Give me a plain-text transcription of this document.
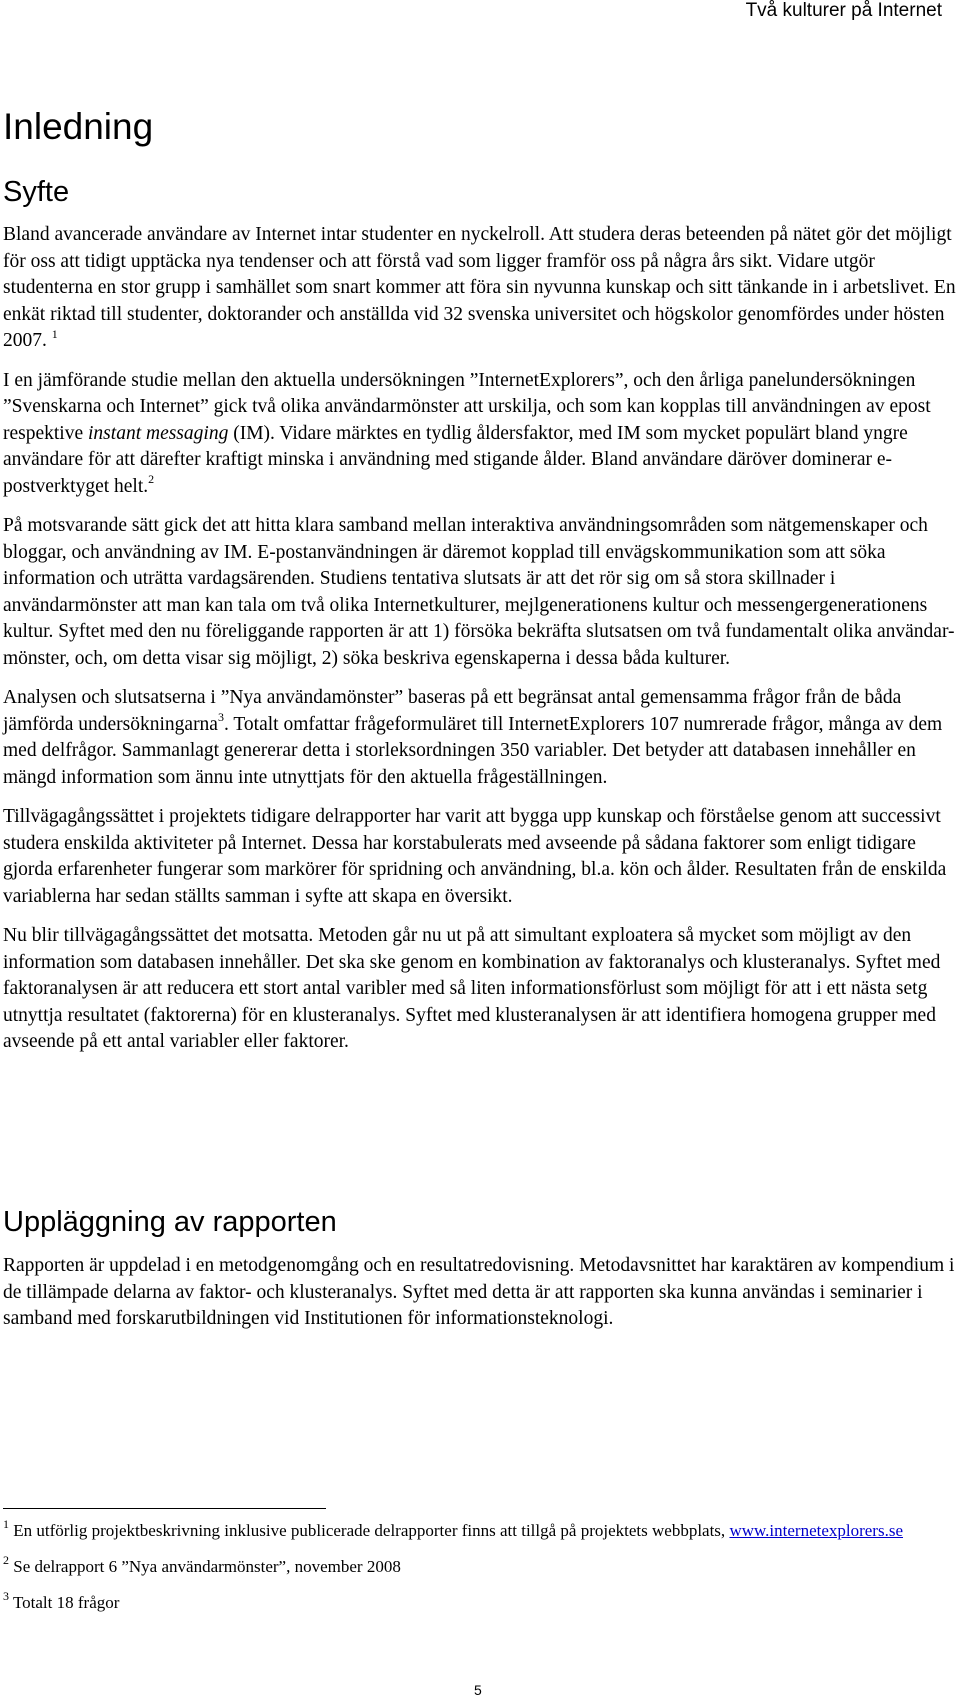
Två kulturer på Internet
Inledning
Syfte

Bland avancerade användare av Internet intar studenter en nyckelroll. Att studera deras beteenden på nätet gör det möjligt för oss att tidigt upptäcka nya tendenser och att förstå vad som ligger framför oss på några års sikt. Vidare utgör studenterna en stor grupp i samhället som snart kommer att föra sin nyvunna kunskap och sitt tänkande in i arbetslivet. En enkät riktad till studenter, doktorander och anställda vid 32 svenska universitet och högskolor genomfördes under hösten 2007. $^1$

I en jämförande studie mellan den aktuella undersökningen ”InternetExplorers”, och den årliga panelundersökningen ”Svenskarna och Internet” gick två olika användarmönster att urskilja, och som kan kopplas till användningen av epost respektive instant messaging (IM). Vidare märktes en tydlig åldersfaktor, med IM som mycket populärt bland yngre användare för att därefter kraftigt minska i användning med stigande ålder. Bland användare däröver dominerar e-postverktyget helt.$^2$

På motsvarande sätt gick det att hitta klara samband mellan interaktiva användningsområden som nätgemenskaper och bloggar, och användning av IM. E-postanvändningen är däremot kopplad till envägskommunikation som att söka information och uträtta vardagsärenden. Studiens tentativa slutsats är att det rör sig om så stora skillnader i användarmönster att man kan tala om två olika Internetkulturer, mejlgenerationens kultur och messengergenerationens kultur. Syftet med den nu föreliggande rapporten är att 1) försöka bekräfta slutsatsen om två fundamentalt olika användar-mönster, och, om detta visar sig möjligt, 2) söka beskriva egenskaperna i dessa båda kulturer.

Analysen och slutsatserna i ”Nya användamönster” baseras på ett begränsat antal gemensamma frågor från de båda jämförda undersökningarna$^3$. Totalt omfattar frågeformuläret till InternetExplorers 107 numrerade frågor, många av dem med delfrågor. Sammanlagt genererar detta i storleksordningen 350 variabler. Det betyder att databasen innehåller en mängd information som ännu inte utnyttjats för den aktuella frågeställningen.

Tillvägagångssättet i projektets tidigare delrapporter har varit att bygga upp kunskap och förståelse genom att successivt studera enskilda aktiviteter på Internet. Dessa har korstabulerats med avseende på sådana faktorer som enligt tidigare gjorda erfarenheter fungerar som markörer för spridning och användning, bl.a. kön och ålder. Resultaten från de enskilda variablerna har sedan ställts samman i syfte att skapa en översikt.

Nu blir tillvägagångssättet det motsatta. Metoden går nu ut på att simultant exploatera så mycket som möjligt av den information som databasen innehåller. Det ska ske genom en kombination av faktoranalys och klusteranalys. Syftet med faktoranalysen är att reducera ett stort antal varibler med så liten informationsförlust som möjligt för att i ett nästa setg utnyttja resultatet (faktorerna) för en klusteranalys. Syftet med klusteranalysen är att identifiera homogena grupper med avseende på ett antal variabler eller faktorer.

Uppläggning av rapporten

Rapporten är uppdelad i en metodgenomgång och en resultatredovisning. Metodavsnittet har karaktären av kompendium i de tillämpade delarna av faktor- och klusteranalys. Syftet med detta är att rapporten ska kunna användas i seminarier i samband med forskarutbildningen vid Institutionen för informationsteknologi.

$^1$ En utförlig projektbeskrivning inklusive publicerade delrapporter finns att tillgå på projektets webbplats, www.internetexplorers.se

$^2$ Se delrapport 6 ”Nya användarmönster”, november 2008

$^3$ Totalt 18 frågor

5
